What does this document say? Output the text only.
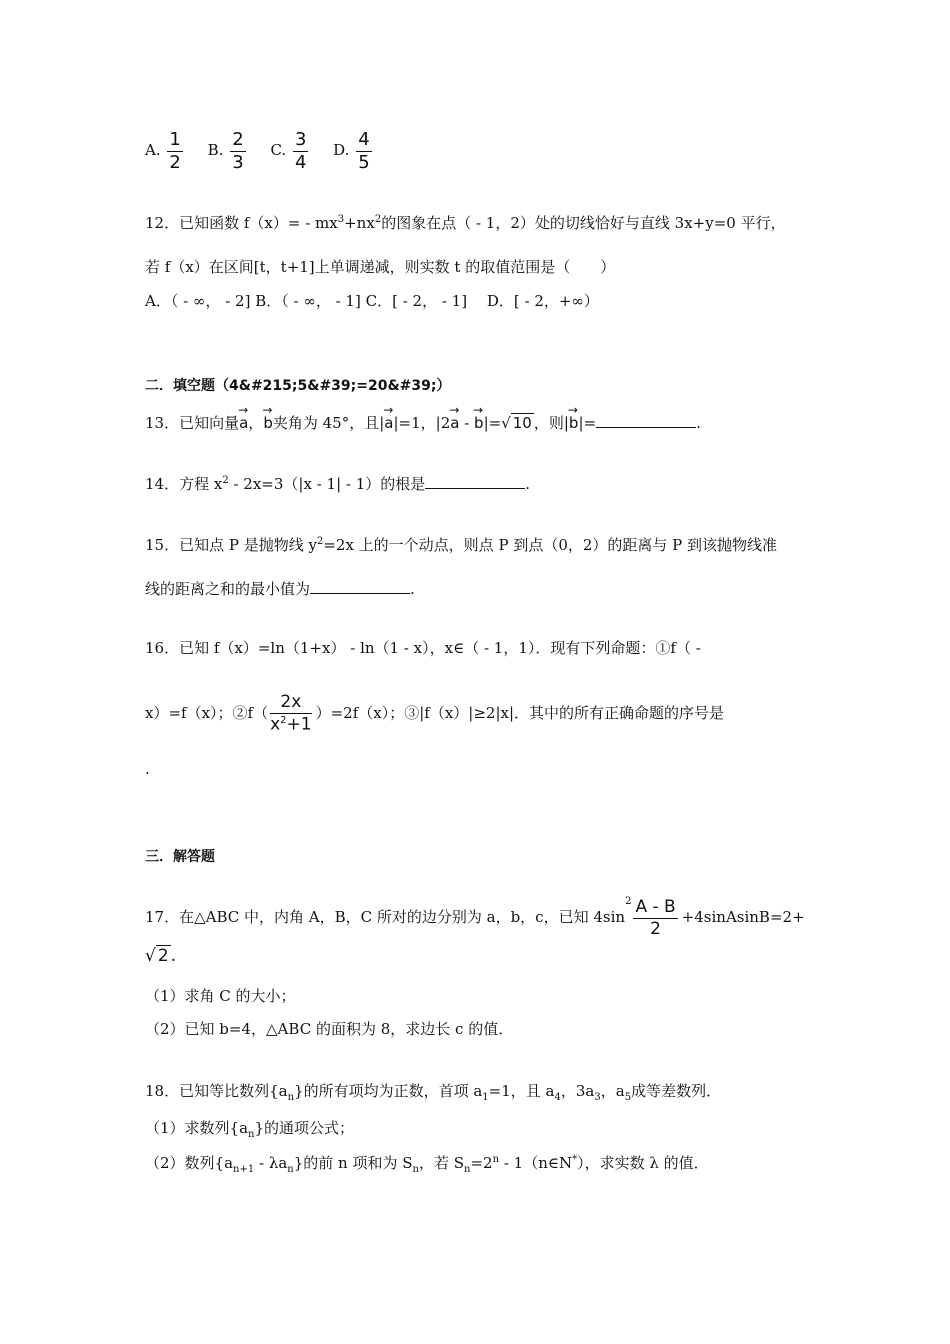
A. $\frac{1}{2} B$. $\frac{2}{3} C$. $\frac{3}{4} D$. $\frac{4}{5}$
12．已知函数 $f(x)= - mx^3+nx^2$的图象在点（ - 1，2）处的切线恰好与直线 3x+y=0 平行，
若 f（x）在区间[t，t+1]上单调递减，则实数 t 的取值范围是（　　）
A．（ - ∞， - 2] B．（ - ∞， - 1] C．[ - 2， - 1]　 D．[ - 2，+∞）
二．填空题（4&#215;5&#39;=20&#39;）
13．已知向量→ a，→ b夹角为 45°，且|→ a|=1，|2→ a - → b|=√ 10 ，则|→ b|=	.
14．方程 $x^2 - 2x=3(|x - 1| - 1)$的根是	.
15．已知点 P 是抛物线 $y^2=2x$ 上的一个动点，则点 P 到点（0，2）的距离与 P 到该抛物线准
线的距离之和的最小值为	.
16．已知 f（x）=ln（1+x） - ln（1 - x），x∈（ - 1，1）．现有下列命题：①f（ -
x）=f（x）；②f（ $\frac{2x}{x^2+1} )=2f(x)$；③|f（x）|≥2|x|．其中的所有正确命题的序号是
.
三．解答题
17．在△ABC 中，内角 A，B，C 所对的边分别为 a，b，c，已知 $4\sin^2 \frac{A - B}{2}$ +4sinAsinB=2+
√ 2 .
（1）求角 C 的大小；
（2）已知 b=4，△ABC 的面积为 8，求边长 c 的值．
18．已知等比数列$\{a_n\}$的所有项均为正数，首项 $a_1=1$，且 $a_4$，$3a_3$，$a_5$成等差数列．
（1）求数列$\{a_n\}$的通项公式；
（2）数列$\{a_{n+1} - \lambda a_n\}$的前 n 项和为 $S_n$，若 $S_n=2^n$ - 1（n∈N*），求实数 λ 的值．
